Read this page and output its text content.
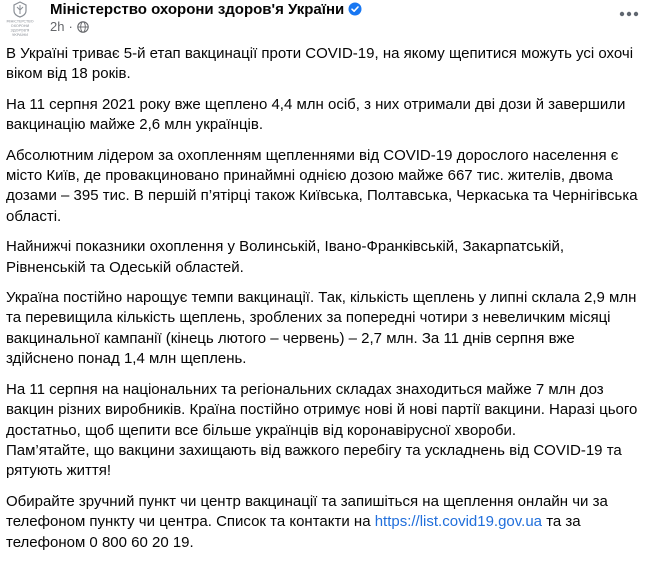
МІНІСТЕРСТВО
ОХОРОНИ
ЗДОРОВ'Я
УКРАЇНИ
Міністерство охорони здоров'я України
2h ·

В Україні триває 5-й етап вакцинації проти COVID-19, на якому щепитися можуть усі охочі віком від 18 років.

На 11 серпня 2021 року вже щеплено 4,4 млн осіб, з них отримали дві дози й завершили вакцинацію майже 2,6 млн українців.

Абсолютним лідером за охопленням щепленнями від COVID-19 дорослого населення є місто Київ, де провакциновано принаймні однією дозою майже 667 тис. жителів, двома дозами – 395 тис. В першій п’ятірці також Київська, Полтавська, Черкаська та Чернігівська області.

Найнижчі показники охоплення у Волинській, Івано-Франківській, Закарпатській, Рівненській та Одеській областей.

Україна постійно нарощує темпи вакцинації. Так, кількість щеплень у липні склала 2,9 млн та перевищила кількість щеплень, зроблених за попередні чотири з невеличким місяці вакцинальної кампанії (кінець лютого – червень) – 2,7 млн. За 11 днів серпня вже здійснено понад 1,4 млн щеплень.

На 11 серпня на національних та регіональних складах знаходиться майже 7 млн доз вакцин різних виробників. Країна постійно отримує нові й нові партії вакцини. Наразі цього достатньо, щоб щепити все більше українців від коронавірусної хвороби.

Пам’ятайте, що вакцини захищають від важкого перебігу та ускладнень від COVID-19 та рятують життя!

Обирайте зручний пункт чи центр вакцинації та запишіться на щеплення онлайн чи за телефоном пункту чи центра. Список та контакти на https://list.covid19.gov.ua та за телефоном 0 800 60 20 19.
